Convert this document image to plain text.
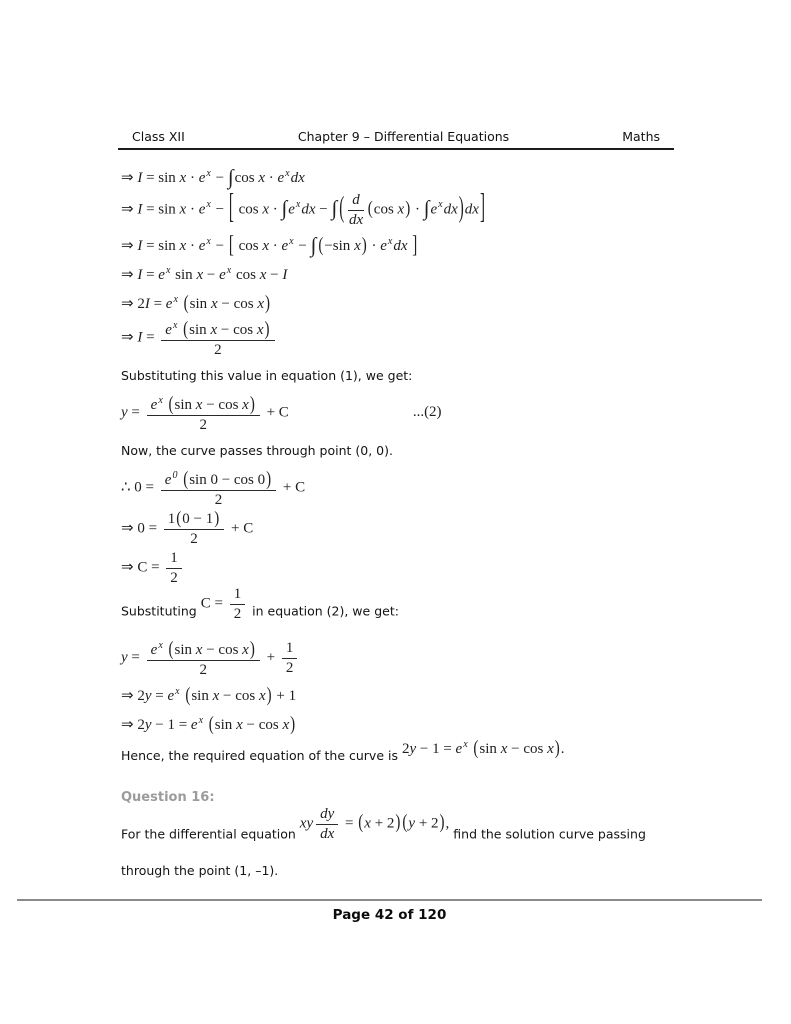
Class XII	Chapter 9 – Differential Equations	Maths
⇒ $I = \sin x \cdot e^x - \int\cos$ $x \cdot e^xdx$
⇒ $I = \sin x \cdot e^x$ − [ $\cos x \cdot \int e^xdx$ − ∫ ( $\frac{d}{dx} (\cos$ $x) \cdot \int e^xdx)dx$]
⇒ $I = \sin x \cdot e^x$ − [ $\cos x \cdot e^x$ − ∫ (−sin $x) \cdot e^xdx$ ]
⇒ $I = e^x$ $\sin x - e^x$ cos x − I
⇒ $2I = e^x$ (sin x − cos x)
⇒ $I = \frac{e^x (\sin x - \cos x)}{2}$
Substituting this value in equation (1), we get:
$y = \frac{e^x (\sin x - \cos x)}{2} + C$	...(2)
Now, the curve passes through point (0, 0).
∴ $0 = \frac{e^0 (\sin 0 - \cos 0)}{2} + C$
⇒ $0 = \frac{1(0 - 1)}{2} + C$
⇒ $C = \frac{1}{2}$
Substituting $C = \frac{1}{2}$ in equation (2), we get:
$y = \frac{e^x (\sin x - \cos x)}{2} + \frac{1}{2}$
⇒ $2y = e^x$ (sin x − cos x) + 1
⇒ $2y - 1 = e^x$ (sin x − cos x)
Hence, the required equation of the curve is $2y - 1 = e^x$ (sin x − cos x).
Question 16:
For the differential equation xy $\frac{dy}{dx} = (x + 2) (y + 2)$, find the solution curve passing
through the point (1, –1).
Page 42 of 120
